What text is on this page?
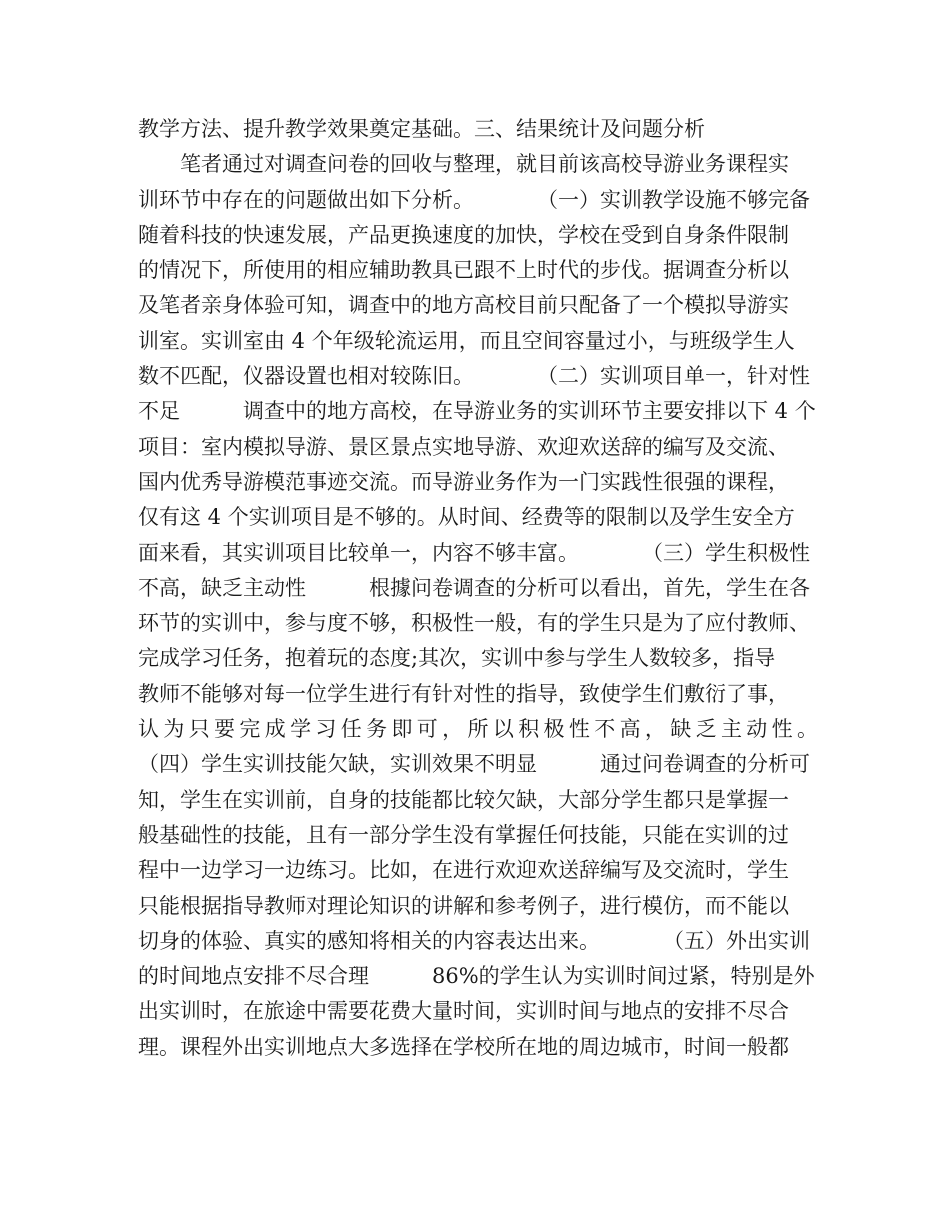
教学方法、提升教学效果奠定基础。三、结果统计及问题分析
　　笔者通过对调查问卷的回收与整理，就目前该高校导游业务课程实
训环节中存在的问题做出如下分析。　　　　（一）实训教学设施不够完备
随着科技的快速发展，产品更换速度的加快，学校在受到自身条件限制
的情况下，所使用的相应辅助教具已跟不上时代的步伐。据调查分析以
及笔者亲身体验可知，调查中的地方高校目前只配备了一个模拟导游实
训室。实训室由 4 个年级轮流运用，而且空间容量过小，与班级学生人
数不匹配，仪器设置也相对较陈旧。　　　　（二）实训项目单一，针对性
不足　　　调查中的地方高校，在导游业务的实训环节主要安排以下 4 个
项目：室内模拟导游、景区景点实地导游、欢迎欢送辞的编写及交流、
国内优秀导游模范事迹交流。而导游业务作为一门实践性很强的课程，
仅有这 4 个实训项目是不够的。从时间、经费等的限制以及学生安全方
面来看，其实训项目比较单一，内容不够丰富。　　　　（三）学生积极性
不高，缺乏主动性　　　根據问卷调查的分析可以看出，首先，学生在各
环节的实训中，参与度不够，积极性一般，有的学生只是为了应付教师、
完成学习任务，抱着玩的态度;其次，实训中参与学生人数较多，指导
教师不能够对每一位学生进行有针对性的指导，致使学生们敷衍了事，
认为只要完成学习任务即可，所以积极性不高，缺乏主动性。
（四）学生实训技能欠缺，实训效果不明显　　　通过问卷调查的分析可
知，学生在实训前，自身的技能都比较欠缺，大部分学生都只是掌握一
般基础性的技能，且有一部分学生没有掌握任何技能，只能在实训的过
程中一边学习一边练习。比如，在进行欢迎欢送辞编写及交流时，学生
只能根据指导教师对理论知识的讲解和参考例子，进行模仿，而不能以
切身的体验、真实的感知将相关的内容表达出来。　　　　（五）外出实训
的时间地点安排不尽合理　　　86%的学生认为实训时间过紧，特别是外
出实训时，在旅途中需要花费大量时间，实训时间与地点的安排不尽合
理。课程外出实训地点大多选择在学校所在地的周边城市，时间一般都
